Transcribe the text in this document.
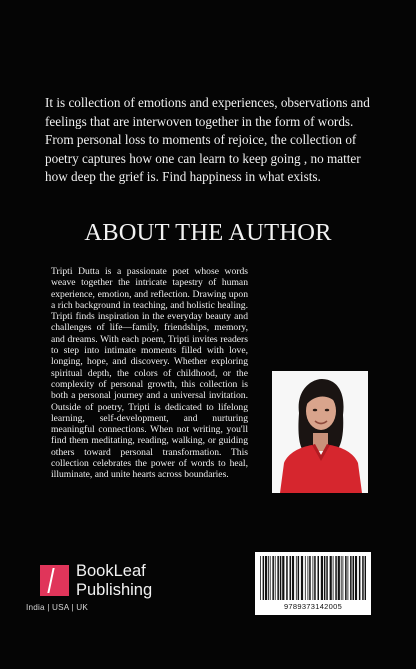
It is collection of emotions and experiences, observations and feelings that are interwoven together in the form of words. From personal loss to moments of rejoice, the collection of poetry captures how one can learn to keep going , no matter how deep the grief is. Find happiness in what exists.

ABOUT THE AUTHOR

Tripti Dutta is a passionate poet whose words weave together the intricate tapestry of human experience, emotion, and reflection. Drawing upon a rich background in teaching, and holistic healing. Tripti finds inspiration in the everyday beauty and challenges of life—family, friendships, memory, and dreams. With each poem, Tripti invites readers to step into intimate moments filled with love, longing, hope, and discovery. Whether exploring spiritual depth, the colors of childhood, or the complexity of personal growth, this collection is both a personal journey and a universal invitation. Outside of poetry, Tripti is dedicated to lifelong learning, self-development, and nurturing meaningful connections. When not writing, you'll find them meditating, reading, walking, or guiding others toward personal transformation. This collection celebrates the power of words to heal, illuminate, and unite hearts across boundaries.

BookLeaf
Publishing

India | USA | UK	9789373142005
